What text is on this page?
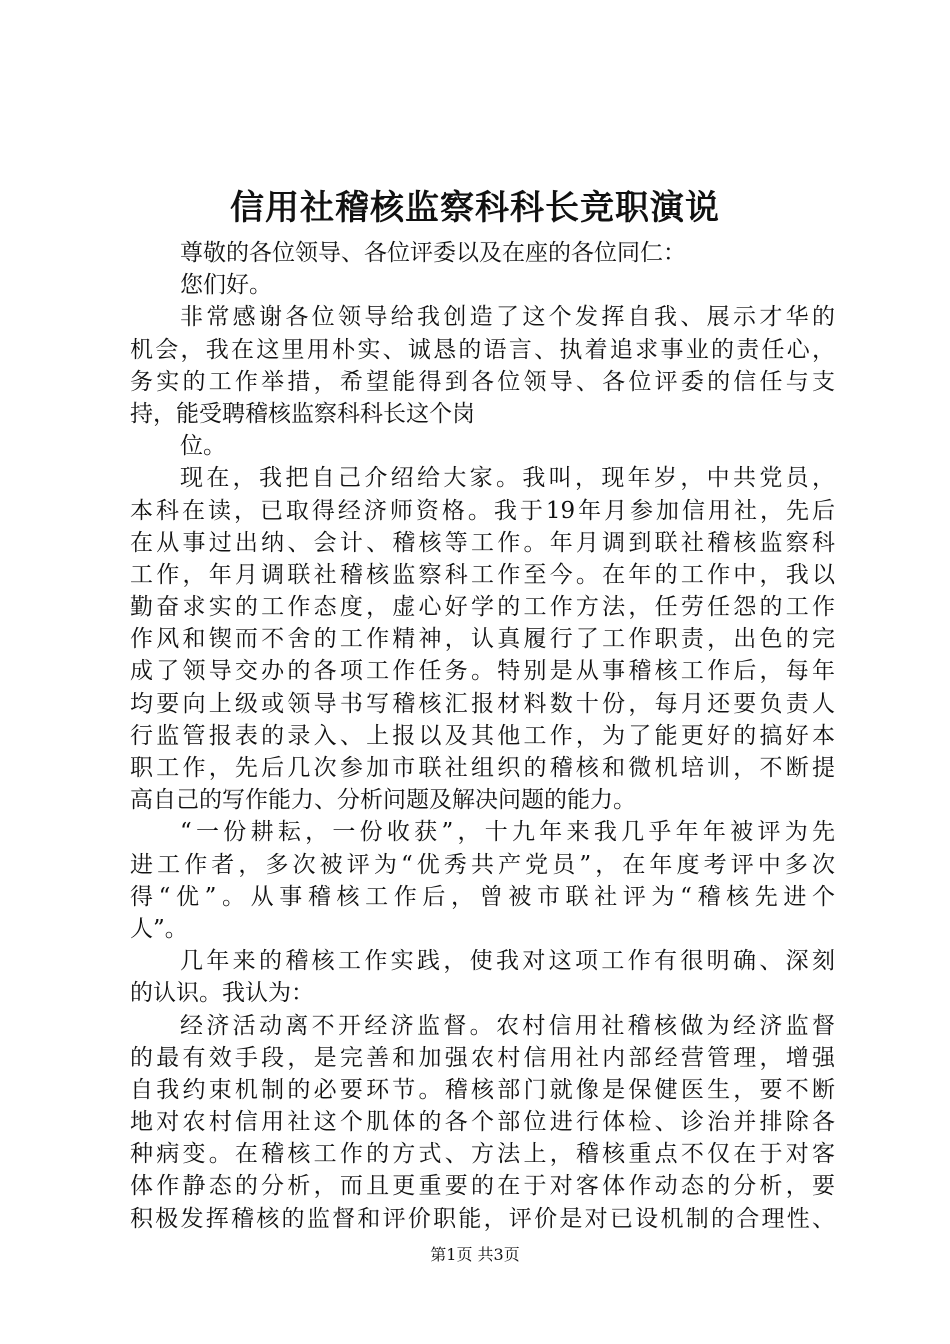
信用社稽核监察科科长竞职演说
尊敬的各位领导、各位评委以及在座的各位同仁：
您们好。
非常感谢各位领导给我创造了这个发挥自我、展示才华的
机会，我在这里用朴实、诚恳的语言、执着追求事业的责任心，
务实的工作举措，希望能得到各位领导、各位评委的信任与支
持，能受聘稽核监察科科长这个岗
位。
现在，我把自己介绍给大家。我叫，现年岁，中共党员，
本科在读，已取得经济师资格。我于19年月参加信用社，先后
在从事过出纳、会计、稽核等工作。年月调到联社稽核监察科
工作，年月调联社稽核监察科工作至今。在年的工作中，我以
勤奋求实的工作态度，虚心好学的工作方法，任劳任怨的工作
作风和锲而不舍的工作精神，认真履行了工作职责，出色的完
成了领导交办的各项工作任务。特别是从事稽核工作后，每年
均要向上级或领导书写稽核汇报材料数十份，每月还要负责人
行监管报表的录入、上报以及其他工作，为了能更好的搞好本
职工作，先后几次参加市联社组织的稽核和微机培训，不断提
高自己的写作能力、分析问题及解决问题的能力。
“一份耕耘，一份收获”，十九年来我几乎年年被评为先
进工作者，多次被评为“优秀共产党员”，在年度考评中多次
得“优”。从事稽核工作后，曾被市联社评为“稽核先进个
人”。
几年来的稽核工作实践，使我对这项工作有很明确、深刻
的认识。我认为：
经济活动离不开经济监督。农村信用社稽核做为经济监督
的最有效手段，是完善和加强农村信用社内部经营管理，增强
自我约束机制的必要环节。稽核部门就像是保健医生，要不断
地对农村信用社这个肌体的各个部位进行体检、诊治并排除各
种病变。在稽核工作的方式、方法上，稽核重点不仅在于对客
体作静态的分析，而且更重要的在于对客体作动态的分析，要
积极发挥稽核的监督和评价职能，评价是对已设机制的合理性、
第1页 共3页
